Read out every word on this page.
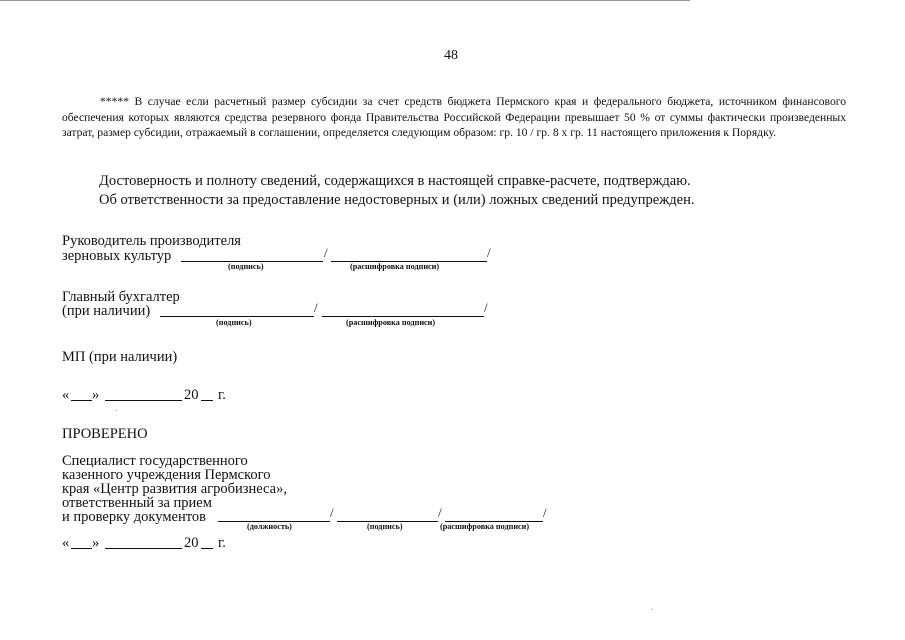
48

***** В случае если расчетный размер субсидии за счет средств бюджета Пермского края и федерального бюджета, источником финансового обеспечения которых являются средства резервного фонда Правительства Российской Федерации превышает 50 % от суммы фактически произведенных затрат, размер субсидии, отражаемый в соглашении, определяется следующим образом: гр. 10 / гр. 8 х гр. 11 настоящего приложения к Порядку.

Достоверность и полноту сведений, содержащихся в настоящей справке-расчете, подтверждаю.
Об ответственности за предоставление недостоверных и (или) ложных сведений предупрежден.
Руководитель производителя
зерновых культур	/	/
(подпись)	(расшифровка подписи)
Главный бухгалтер
(при наличии)	/	/
(подпись)	(расшифровка подписи)
МП (при наличии)
« »	20 г.
ПРОВЕРЕНО
Специалист государственного
казенного учреждения Пермского
края «Центр развития агробизнеса»,
ответственный за прием
и проверку документов	/	/	/
(должность)	(подпись)	(расшифровка подписи)
« »	20 г.
